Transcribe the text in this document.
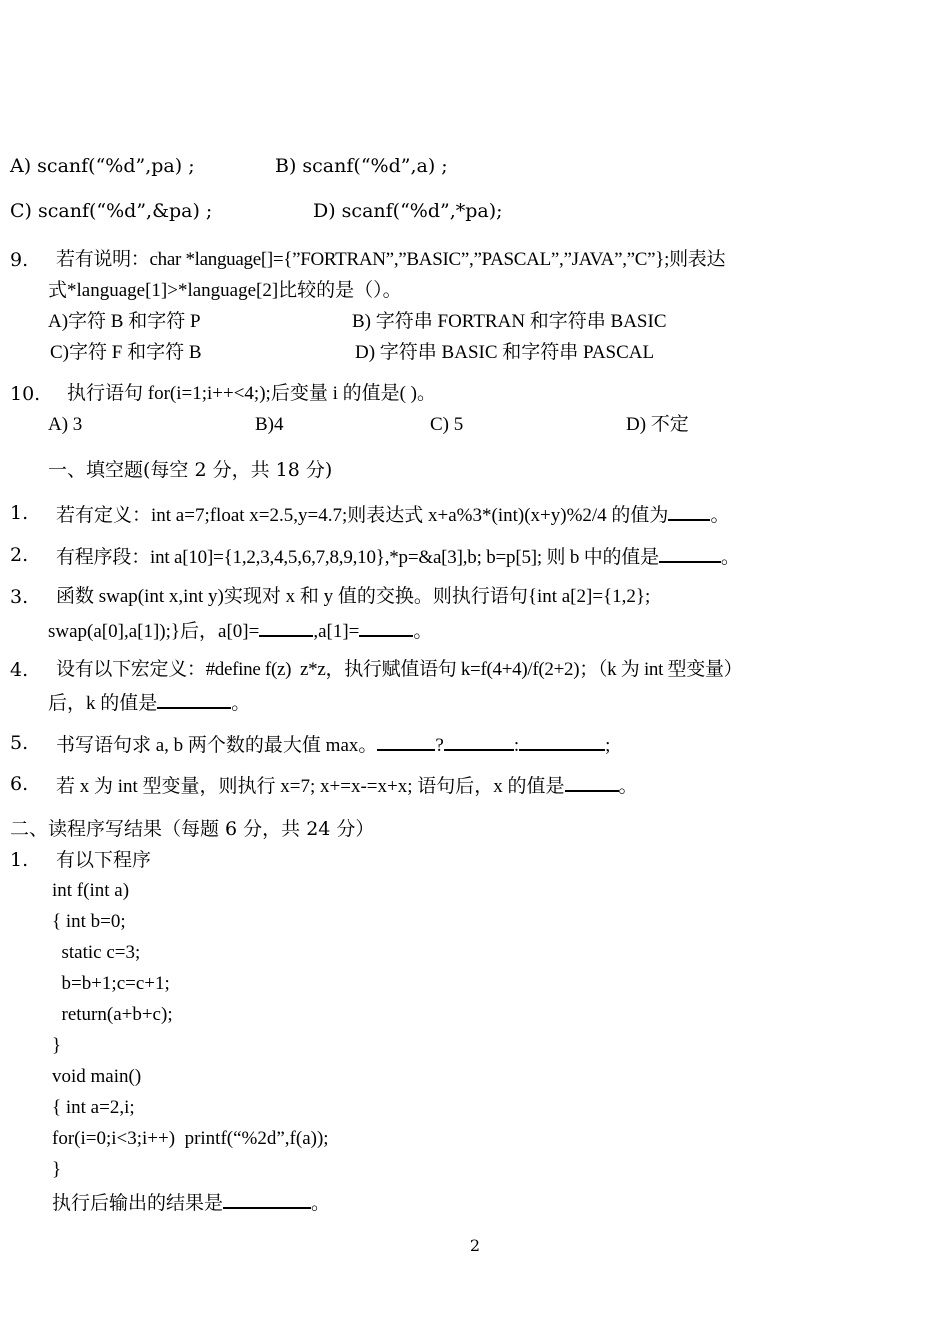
A) scanf(“%d”,pa) ;	B) scanf(“%d”,a) ;
C) scanf(“%d”,&pa) ;	D) scanf(“%d”,*pa);
9. 若有说明：char *language[]={”FORTRAN”,”BASIC”,”PASCAL”,”JAVA”,”C”};则表达
式*language[1]>*language[2]比较的是（）。
A)字符 B 和字符 P	B) 字符串 FORTRAN 和字符串 BASIC
C)字符 F 和字符 B	D) 字符串 BASIC 和字符串 PASCAL
10. 执行语句 for(i=1;i++<4;);后变量 i 的值是( )。
A) 3	B)4	C) 5	D) 不定
一、填空题(每空 2 分，共 18 分)
1. 若有定义：int a=7;float x=2.5,y=4.7;则表达式 x+a%3*(int)(x+y)%2/4 的值为 。
2. 有程序段：int a[10]={1,2,3,4,5,6,7,8,9,10},*p=&a[3],b; b=p[5]; 则 b 中的值是	。
3. 函数 swap(int x,int y)实现对 x 和 y 值的交换。则执行语句{int a[2]={1,2};
swap(a[0],a[1]);}后，a[0]=	,a[1]=	。
4. 设有以下宏定义：#define f(z)  z*z，执行赋值语句 k=f(4+4)/f(2+2)；（k 为 int 型变量）
后，k 的值是	。
5. 书写语句求 a, b 两个数的最大值 max。	?	:	;
6. 若 x 为 int 型变量，则执行 x=7; x+=x-=x+x; 语句后，x 的值是	。
二、读程序写结果（每题 6 分，共 24 分）
1. 有以下程序
int f(int a)
{ int b=0;
static c=3;
b=b+1;c=c+1;
return(a+b+c);
}
void main()
{ int a=2,i;
for(i=0;i<3;i++)  printf(“%2d”,f(a));
}
执行后输出的结果是	。
2
